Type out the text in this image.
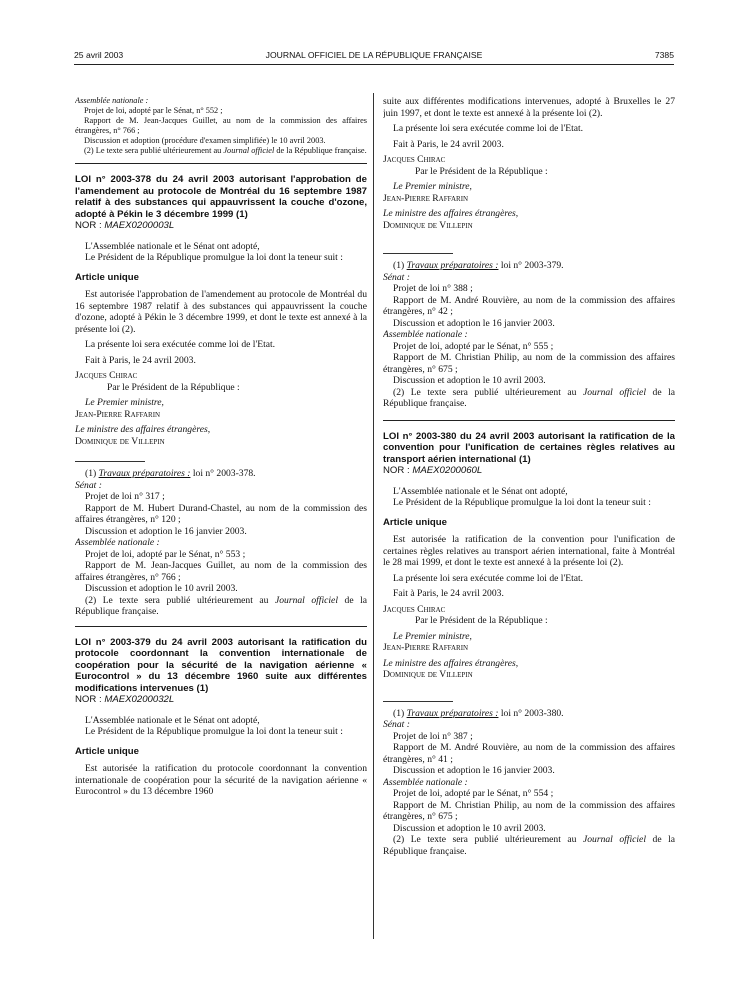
25 avril 2003	JOURNAL OFFICIEL DE LA RÉPUBLIQUE FRANÇAISE	7385

Assemblée nationale :

Projet de loi, adopté par le Sénat, n° 552 ;

Rapport de M. Jean-Jacques Guillet, au nom de la commission des affaires étrangères, n° 766 ;

Discussion et adoption (procédure d'examen simplifiée) le 10 avril 2003.

(2) Le texte sera publié ultérieurement au Journal officiel de la République française.

LOI n° 2003-378 du 24 avril 2003 autorisant l'approbation de l'amendement au protocole de Montréal du 16 septembre 1987 relatif à des substances qui appauvrissent la couche d'ozone, adopté à Pékin le 3 décembre 1999 (1)

NOR : MAEX0200003L

L'Assemblée nationale et le Sénat ont adopté,

Le Président de la République promulgue la loi dont la teneur suit :

Article unique

Est autorisée l'approbation de l'amendement au protocole de Montréal du 16 septembre 1987 relatif à des substances qui appauvrissent la couche d'ozone, adopté à Pékin le 3 décembre 1999, et dont le texte est annexé à la présente loi (2).

La présente loi sera exécutée comme loi de l'Etat.

Fait à Paris, le 24 avril 2003.

Jacques Chirac

Par le Président de la République :

Le Premier ministre,

Jean-Pierre Raffarin

Le ministre des affaires étrangères,

Dominique de Villepin

(1) Travaux préparatoires : loi n° 2003-378.

Sénat :

Projet de loi n° 317 ;

Rapport de M. Hubert Durand-Chastel, au nom de la commission des affaires étrangères, n° 120 ;

Discussion et adoption le 16 janvier 2003.

Assemblée nationale :

Projet de loi, adopté par le Sénat, n° 553 ;

Rapport de M. Jean-Jacques Guillet, au nom de la commission des affaires étrangères, n° 766 ;

Discussion et adoption le 10 avril 2003.

(2) Le texte sera publié ultérieurement au Journal officiel de la République française.

LOI n° 2003-379 du 24 avril 2003 autorisant la ratification du protocole coordonnant la convention internationale de coopération pour la sécurité de la navigation aérienne « Eurocontrol » du 13 décembre 1960 suite aux différentes modifications intervenues (1)

NOR : MAEX0200032L

L'Assemblée nationale et le Sénat ont adopté,

Le Président de la République promulgue la loi dont la teneur suit :

Article unique

Est autorisée la ratification du protocole coordonnant la convention internationale de coopération pour la sécurité de la navigation aérienne « Eurocontrol » du 13 décembre 1960

suite aux différentes modifications intervenues, adopté à Bruxelles le 27 juin 1997, et dont le texte est annexé à la présente loi (2).

La présente loi sera exécutée comme loi de l'Etat.

Fait à Paris, le 24 avril 2003.

Jacques Chirac

Par le Président de la République :

Le Premier ministre,

Jean-Pierre Raffarin

Le ministre des affaires étrangères,

Dominique de Villepin

(1) Travaux préparatoires : loi n° 2003-379.

Sénat :

Projet de loi n° 388 ;

Rapport de M. André Rouvière, au nom de la commission des affaires étrangères, n° 42 ;

Discussion et adoption le 16 janvier 2003.

Assemblée nationale :

Projet de loi, adopté par le Sénat, n° 555 ;

Rapport de M. Christian Philip, au nom de la commission des affaires étrangères, n° 675 ;

Discussion et adoption le 10 avril 2003.

(2) Le texte sera publié ultérieurement au Journal officiel de la République française.

LOI n° 2003-380 du 24 avril 2003 autorisant la ratification de la convention pour l'unification de certaines règles relatives au transport aérien international (1)

NOR : MAEX0200060L

L'Assemblée nationale et le Sénat ont adopté,

Le Président de la République promulgue la loi dont la teneur suit :

Article unique

Est autorisée la ratification de la convention pour l'unification de certaines règles relatives au transport aérien international, faite à Montréal le 28 mai 1999, et dont le texte est annexé à la présente loi (2).

La présente loi sera exécutée comme loi de l'Etat.

Fait à Paris, le 24 avril 2003.

Jacques Chirac

Par le Président de la République :

Le Premier ministre,

Jean-Pierre Raffarin

Le ministre des affaires étrangères,

Dominique de Villepin

(1) Travaux préparatoires : loi n° 2003-380.

Sénat :

Projet de loi n° 387 ;

Rapport de M. André Rouvière, au nom de la commission des affaires étrangères, n° 41 ;

Discussion et adoption le 16 janvier 2003.

Assemblée nationale :

Projet de loi, adopté par le Sénat, n° 554 ;

Rapport de M. Christian Philip, au nom de la commission des affaires étrangères, n° 675 ;

Discussion et adoption le 10 avril 2003.

(2) Le texte sera publié ultérieurement au Journal officiel de la République française.
